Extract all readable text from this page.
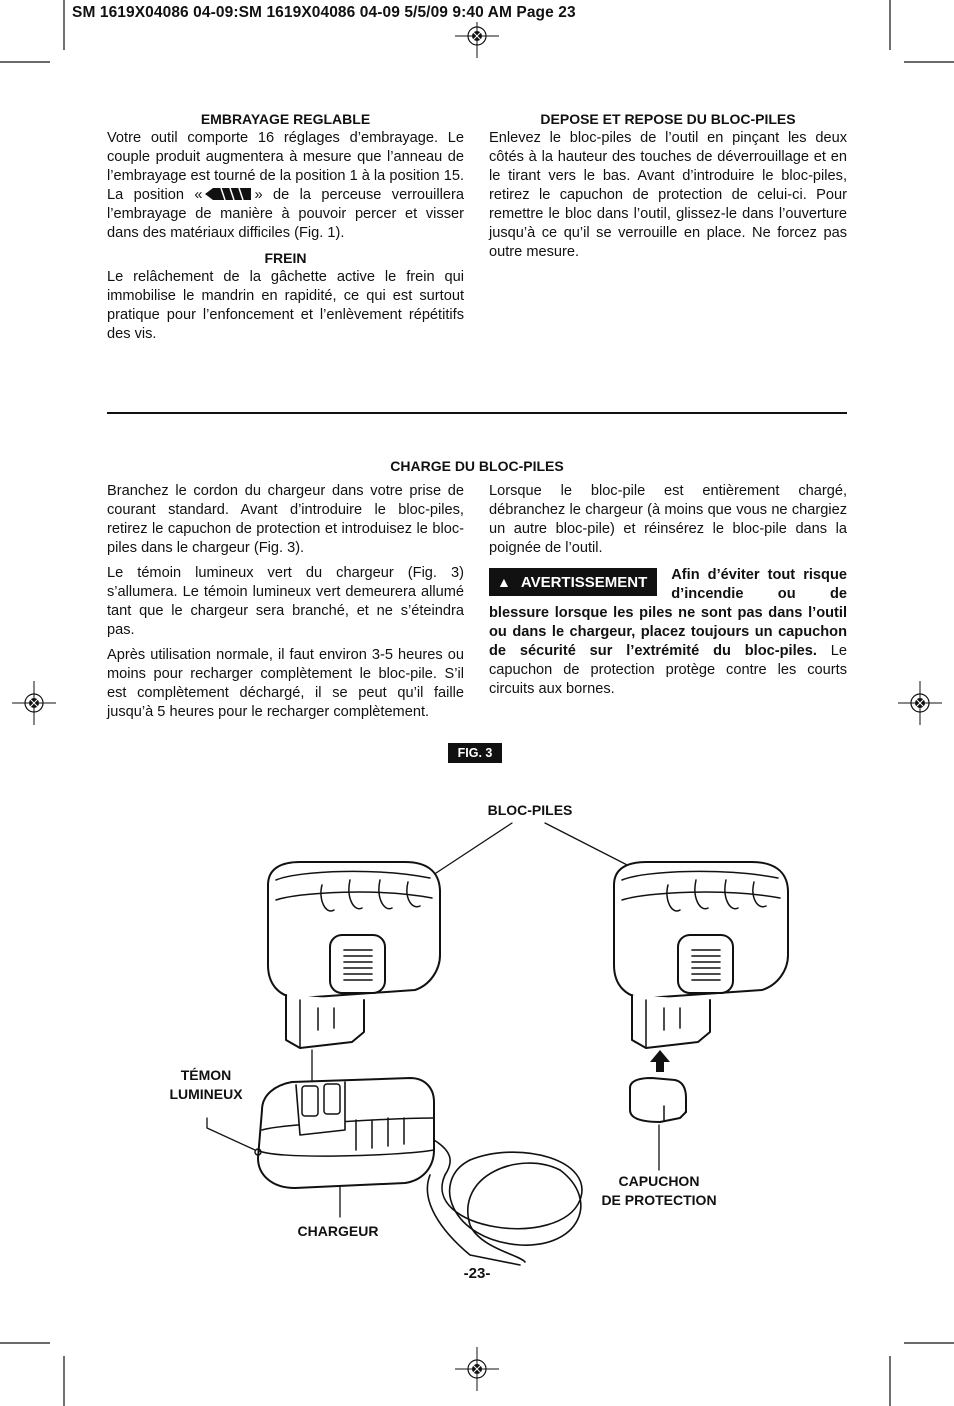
SM 1619X04086 04-09:SM 1619X04086 04-09 5/5/09 9:40 AM Page 23

EMBRAYAGE REGLABLE

Votre outil comporte 16 réglages d’embrayage. Le couple produit augmentera à mesure que l’anneau de l’embrayage est tourné de la position 1 à la position 15. La position «	» de la perceuse verrouillera l’embrayage de manière à pouvoir percer et visser dans des matériaux difficiles (Fig. 1).

FREIN

Le relâchement de la gâchette active le frein qui immobilise le mandrin en rapidité, ce qui est surtout pratique pour l’enfoncement et l’enlèvement répétitifs des vis.

DEPOSE ET REPOSE DU BLOC-PILES

Enlevez le bloc-piles de l’outil en pinçant les deux côtés à la hauteur des touches de déverrouillage et en le tirant vers le bas. Avant d’introduire le bloc-piles, retirez le capuchon de protection de celui-ci. Pour remettre le bloc dans l’outil, glissez-le dans l’ouverture jusqu’à ce qu’il se verrouille en place. Ne forcez pas outre mesure.

CHARGE DU BLOC-PILES

Branchez le cordon du chargeur dans votre prise de courant standard. Avant d’introduire le bloc-piles, retirez le capuchon de protection et introduisez le bloc-piles dans le chargeur (Fig. 3).

Le témoin lumineux vert du chargeur (Fig. 3) s’allumera. Le témoin lumineux vert demeurera allumé tant que le chargeur sera branché, et ne s’éteindra pas.

Après utilisation normale, il faut environ 3-5 heures ou moins pour recharger complètement le bloc-pile. S’il est complètement déchargé, il se peut qu’il faille jusqu’à 5 heures pour le recharger complètement.

Lorsque le bloc-pile est entièrement chargé, débranchez le chargeur (à moins que vous ne chargiez un autre bloc-pile) et réinsérez le bloc-pile dans la poignée de l’outil.

▲ AVERTISSEMENT	Afin d’éviter tout risque d’incendie ou de blessure lorsque les piles ne sont pas dans l’outil ou dans le chargeur, placez toujours un capuchon de sécurité sur l’extrémité du bloc-piles. Le capuchon de protection protège contre les courts circuits aux bornes.
FIG. 3
BLOC-PILES
TÉMON
LUMINEUX
CHARGEUR
CAPUCHON
DE PROTECTION
-23-
